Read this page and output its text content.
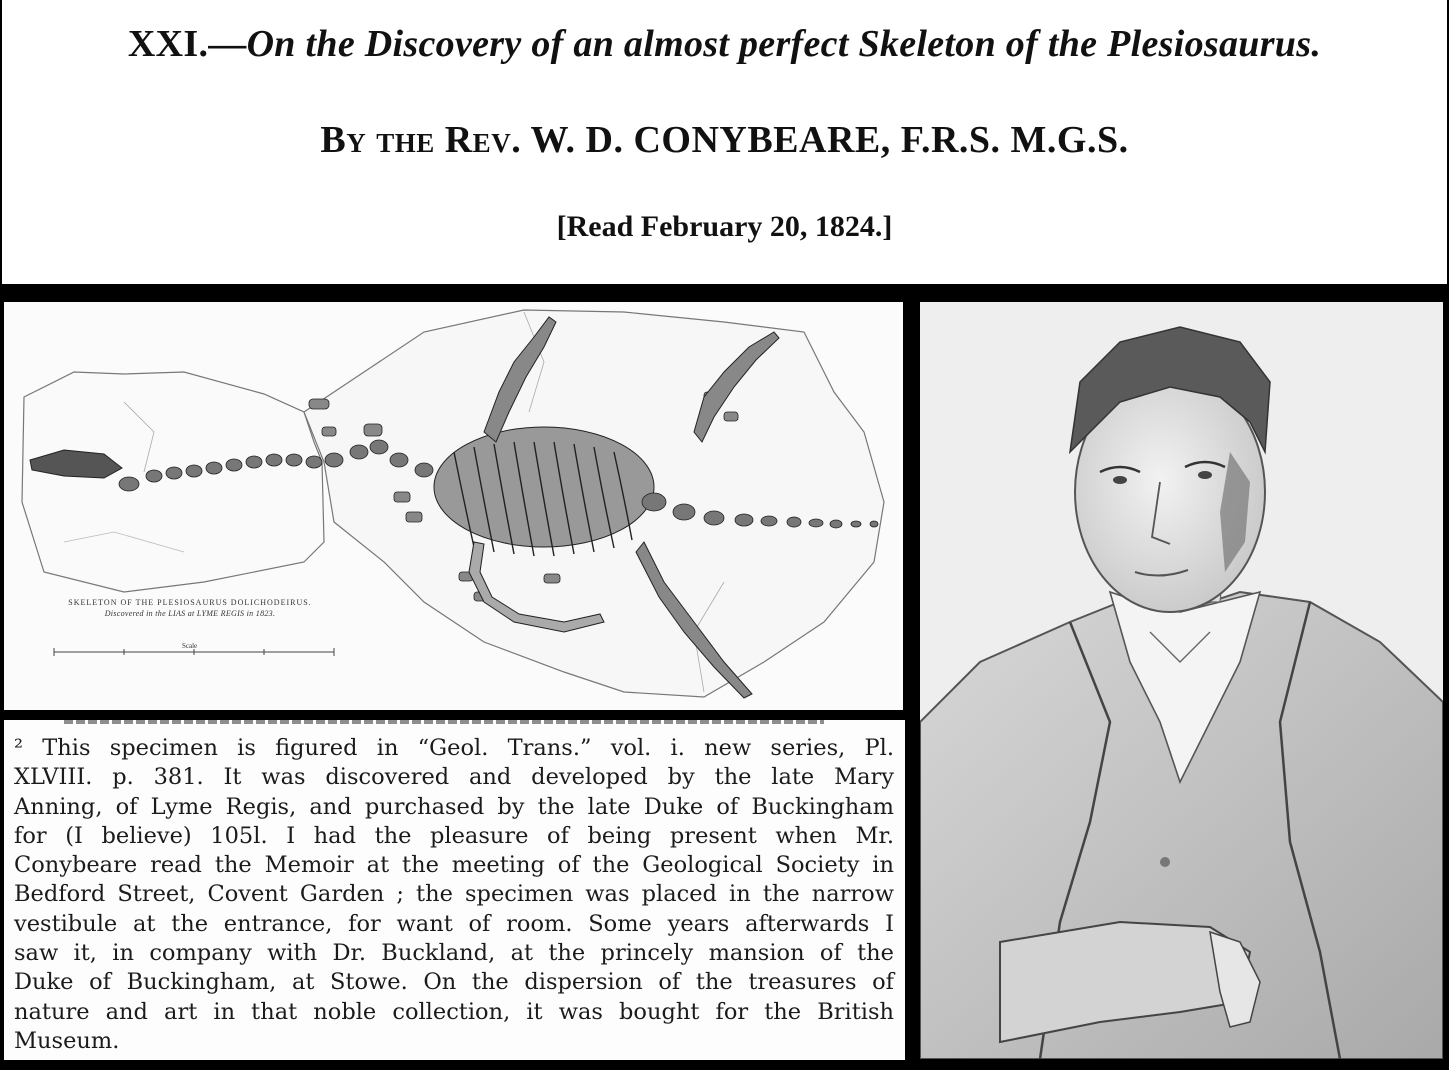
XXI.—On the Discovery of an almost perfect Skeleton of the Plesiosaurus.
By the Rev. W. D. CONYBEARE, F.R.S. M.G.S.
[Read February 20, 1824.]
SKELETON OF THE PLESIOSAURUS DOLICHODEIRUS.
Discovered in the LIAS at LYME REGIS in 1823.
Scale
² This specimen is figured in “Geol. Trans.” vol. i. new series, Pl.
XLVIII. p. 381. It was discovered and developed by the late Mary
Anning, of Lyme Regis, and purchased by the late Duke of Buckingham
for (I believe) 105l. I had the pleasure of being present when Mr.
Conybeare read the Memoir at the meeting of the Geological Society in
Bedford Street, Covent Garden ; the specimen was placed in the narrow
vestibule at the entrance, for want of room. Some years afterwards I
saw it, in company with Dr. Buckland, at the princely mansion of the
Duke of Buckingham, at Stowe. On the dispersion of the treasures of
nature and art in that noble collection, it was bought for the British
Museum.
